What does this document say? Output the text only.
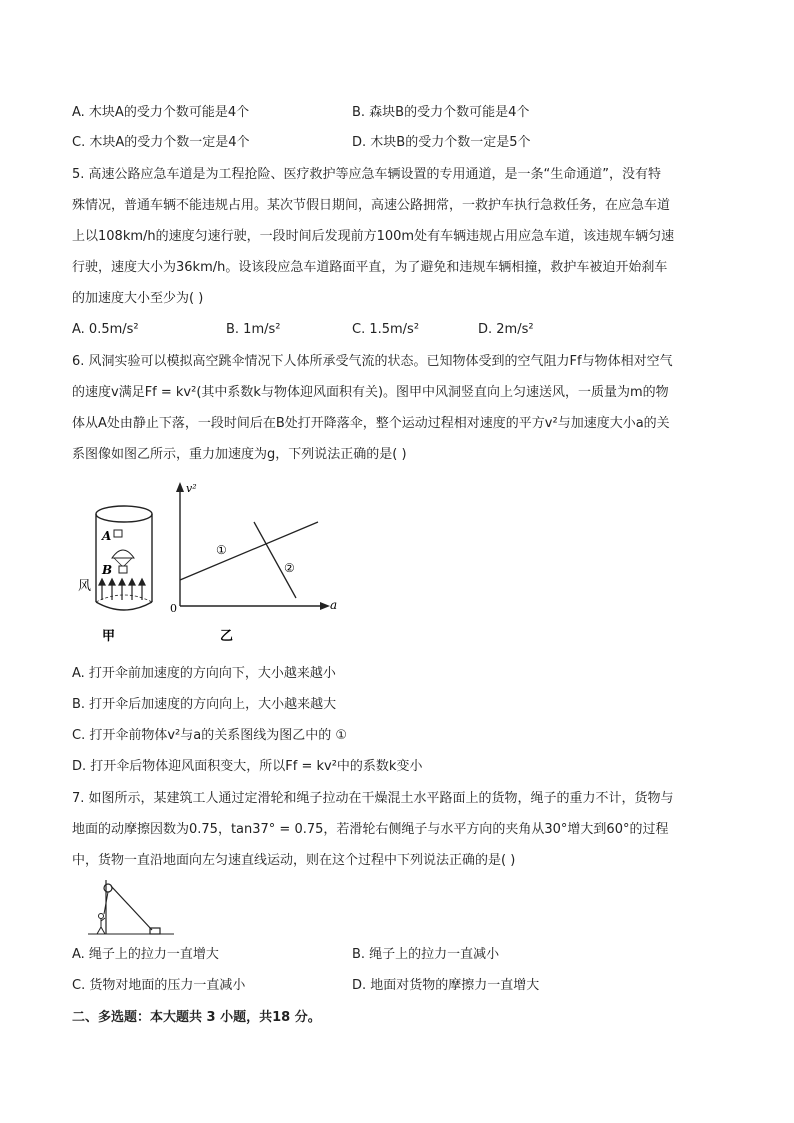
A. 木块A的受力个数可能是4个	B. 森块B的受力个数可能是4个
C. 木块A的受力个数一定是4个	D. 木块B的受力个数一定是5个
5. 高速公路应急车道是为工程抢险、医疗救护等应急车辆设置的专用通道，是一条“生命通道”，没有特
殊情况，普通车辆不能违规占用。某次节假日期间，高速公路拥常，一救护车执行急救任务，在应急车道
上以108km/h的速度匀速行驶，一段时间后发现前方100m处有车辆违规占用应急车道，该违规车辆匀速
行驶，速度大小为36km/h。设该段应急车道路面平直，为了避免和违规车辆相撞，救护车被迫开始刹车
的加速度大小至少为( )
A. 0.5m/s²	B. 1m/s²	C. 1.5m/s²	D. 2m/s²
6. 风洞实验可以模拟高空跳伞情况下人体所承受气流的状态。已知物体受到的空气阻力Ff与物体相对空气
的速度v满足Ff = kv²(其中系数k与物体迎风面积有关)。图甲中风洞竖直向上匀速送风，一质量为m的物
体从A处由静止下落，一段时间后在B处打开降落伞，整个运动过程相对速度的平方v²与加速度大小a的关
系图像如图乙所示，重力加速度为g，下列说法正确的是( )
A
B
风
甲
v²
a
0
①
②
乙
A. 打开伞前加速度的方向向下，大小越来越小
B. 打开伞后加速度的方向向上，大小越来越大
C. 打开伞前物体v²与a的关系图线为图乙中的 ①
D. 打开伞后物体迎风面积变大，所以Ff = kv²中的系数k变小
7. 如图所示，某建筑工人通过定滑轮和绳子拉动在干燥混土水平路面上的货物，绳子的重力不计，货物与
地面的动摩擦因数为0.75，tan37° = 0.75，若滑轮右侧绳子与水平方向的夹角从30°增大到60°的过程
中，货物一直沿地面向左匀速直线运动，则在这个过程中下列说法正确的是( )
A. 绳子上的拉力一直增大	B. 绳子上的拉力一直减小
C. 货物对地面的压力一直减小	D. 地面对货物的摩擦力一直增大
二、多选题：本大题共 3 小题，共18 分。
